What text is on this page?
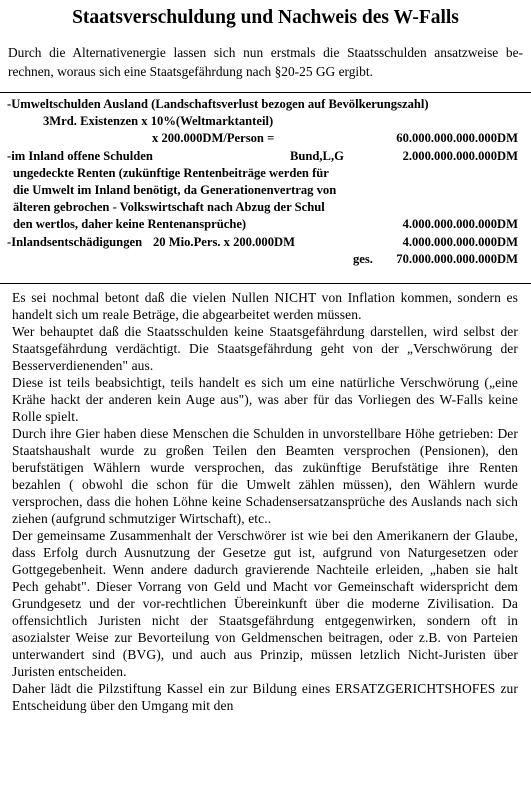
Staatsverschuldung und Nachweis des W-Falls

Durch die Alternativenergie lassen sich nun erstmals die Staatsschulden ansatzweise be-rechnen, woraus sich eine Staatsgefährdung nach §20-25 GG ergibt.

-Umweltschulden Ausland (Landschaftsverlust bezogen auf Bevölkerungszahl)
3Mrd. Existenzen x 10%(Weltmarktanteil)
x 200.000DM/Person =	60.000.000.000.000DM
-im Inland offene Schulden	Bund,L,G	2.000.000.000.000DM
ungedeckte Renten (zukünftige Rentenbeiträge werden für
die Umwelt im Inland benötigt, da Generationenvertrag von
älteren gebrochen - Volkswirtschaft nach Abzug der Schul
den wertlos, daher keine Rentenansprüche)	4.000.000.000.000DM
-Inlandsentschädigungen 20 Mio.Pers. x 200.000DM	4.000.000.000.000DM
ges. 70.000.000.000.000DM

Es sei nochmal betont daß die vielen Nullen NICHT von Inflation kommen, sondern es handelt sich um reale Beträge, die abgearbeitet werden müssen.

Wer behauptet daß die Staatsschulden keine Staatsgefährdung darstellen, wird selbst der Staatsgefährdung verdächtigt. Die Staatsgefährdung geht von der „Verschwörung der Besserverdienenden" aus.

Diese ist teils beabsichtigt, teils handelt es sich um eine natürliche Verschwörung („eine Krähe hackt der anderen kein Auge aus"), was aber für das Vorliegen des W-Falls keine Rolle spielt.

Durch ihre Gier haben diese Menschen die Schulden in unvorstellbare Höhe getrieben: Der Staatshaushalt wurde zu großen Teilen den Beamten versprochen (Pensionen), den berufstätigen Wählern wurde versprochen, das zukünftige Berufstätige ihre Renten bezahlen ( obwohl die schon für die Umwelt zählen müssen), den Wählern wurde versprochen, dass die hohen Löhne keine Schadensersatzansprüche des Auslands nach sich ziehen (aufgrund schmutziger Wirtschaft), etc..

Der gemeinsame Zusammenhalt der Verschwörer ist wie bei den Amerikanern der Glaube, dass Erfolg durch Ausnutzung der Gesetze gut ist, aufgrund von Naturgesetzen oder Gottgegebenheit. Wenn andere dadurch gravierende Nachteile erleiden, „haben sie halt Pech gehabt". Dieser Vorrang von Geld und Macht vor Gemeinschaft widerspricht dem Grundgesetz und der vor-rechtlichen Übereinkunft über die moderne Zivilisation. Da offensichtlich Juristen nicht der Staatsgefährdung entgegenwirken, sondern oft in asozialster Weise zur Bevorteilung von Geldmenschen beitragen, oder z.B. von Parteien unterwandert sind (BVG), und auch aus Prinzip, müssen letzlich Nicht-Juristen über Juristen entscheiden.

Daher lädt die Pilzstiftung Kassel ein zur Bildung eines ERSATZGERICHTSHOFES zur Entscheidung über den Umgang mit den
